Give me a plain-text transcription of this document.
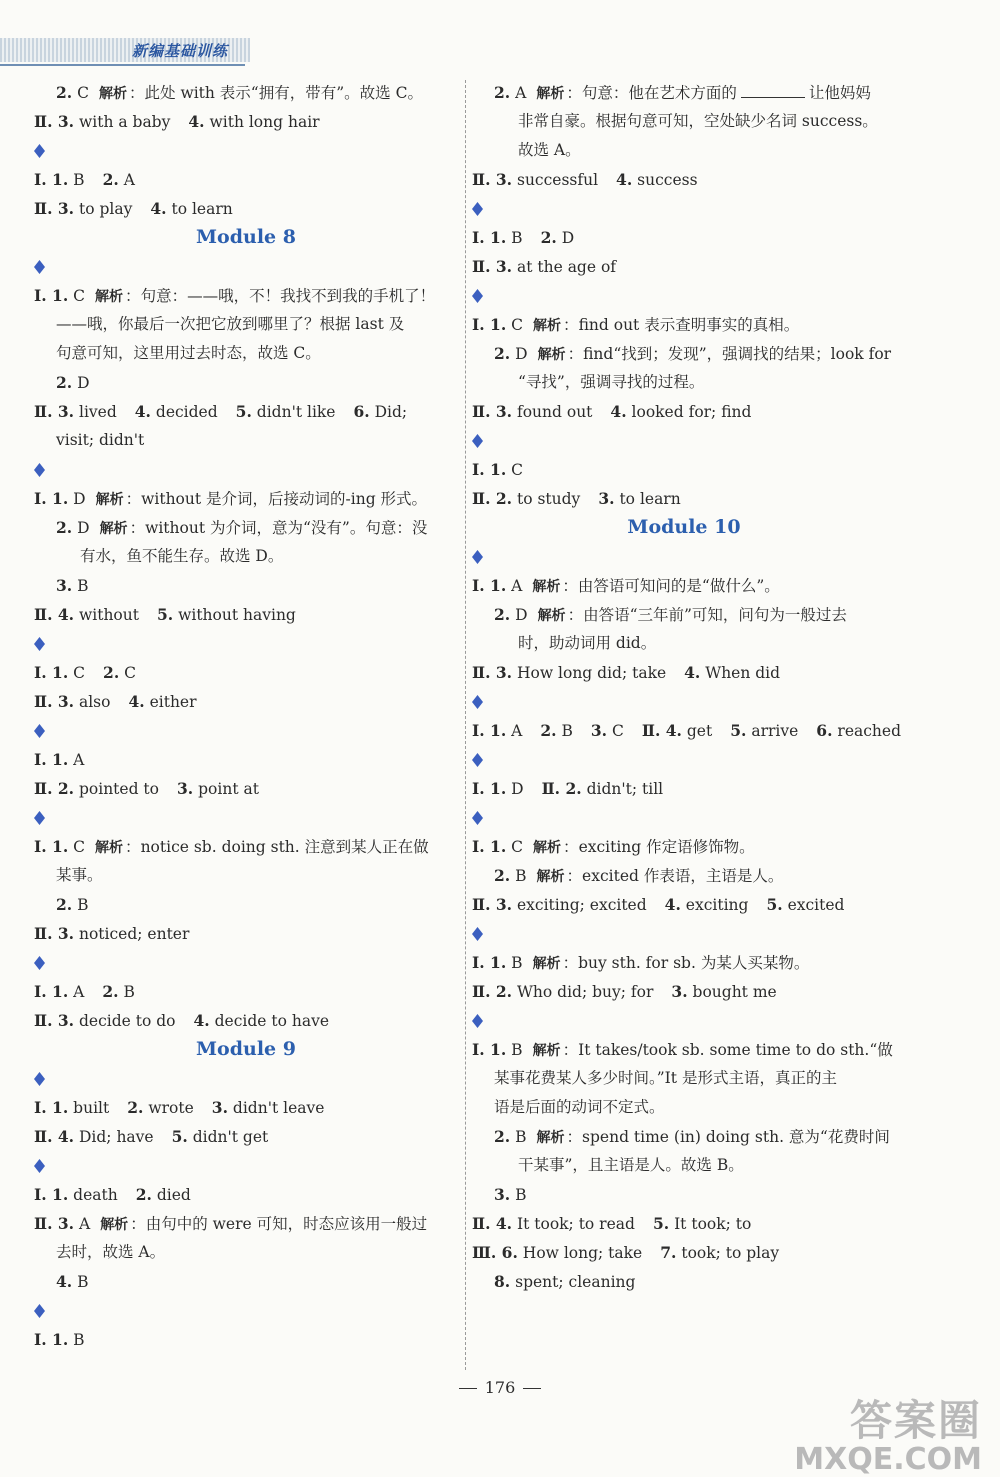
新编基础训练
2. C 解析 ：此处 with 表示“拥有，带有”。故选 C。
Ⅱ. 3. with a baby 4. with long hair
Ⅰ. 1. B 2. A
Ⅱ. 3. to play 4. to learn
Module 8
Ⅰ. 1. C 解析 ：句意：——哦，不！我找不到我的手机了！
——哦，你最后一次把它放到哪里了？根据 last 及
句意可知，这里用过去时态，故选 C。
2. D
Ⅱ. 3. lived 4. decided 5. didn't like 6. Did;
visit; didn't
Ⅰ. 1. D 解析 ：without 是介词，后接动词的-ing 形式。
2. D 解析 ：without 为介词，意为“没有”。句意：没
有水，鱼不能生存。故选 D。
3. B
Ⅱ. 4. without 5. without having
Ⅰ. 1. C 2. C
Ⅱ. 3. also 4. either
Ⅰ. 1. A
Ⅱ. 2. pointed to 3. point at
Ⅰ. 1. C 解析 ：notice sb. doing sth. 注意到某人正在做
某事。
2. B
Ⅱ. 3. noticed; enter
Ⅰ. 1. A 2. B
Ⅱ. 3. decide to do 4. decide to have
Module 9
Ⅰ. 1. built 2. wrote 3. didn't leave
Ⅱ. 4. Did; have 5. didn't get
Ⅰ. 1. death 2. died
Ⅱ. 3. A 解析 ：由句中的 were 可知，时态应该用一般过
去时，故选 A。
4. B
Ⅰ. 1. B
2. A 解析 ：句意：他在艺术方面的	让他妈妈
非常自豪。根据句意可知，空处缺少名词 success。
故选 A。
Ⅱ. 3. successful 4. success
Ⅰ. 1. B 2. D
Ⅱ. 3. at the age of
Ⅰ. 1. C 解析 ：find out 表示查明事实的真相。
2. D 解析 ：find“找到；发现”，强调找的结果；look for
“寻找”，强调寻找的过程。
Ⅱ. 3. found out 4. looked for; find
Ⅰ. 1. C
Ⅱ. 2. to study 3. to learn
Module 10
Ⅰ. 1. A 解析 ：由答语可知问的是“做什么”。
2. D 解析 ：由答语“三年前”可知，问句为一般过去
时，助动词用 did。
Ⅱ. 3. How long did; take 4. When did
Ⅰ. 1. A 2. B 3. C Ⅱ. 4. get 5. arrive 6. reached
Ⅰ. 1. D Ⅱ. 2. didn't; till
Ⅰ. 1. C 解析 ：exciting 作定语修饰物。
2. B 解析 ：excited 作表语，主语是人。
Ⅱ. 3. exciting; excited 4. exciting 5. excited
Ⅰ. 1. B 解析 ：buy sth. for sb. 为某人买某物。
Ⅱ. 2. Who did; buy; for 3. bought me
Ⅰ. 1. B 解析 ：It takes/took sb. some time to do sth.“做
某事花费某人多少时间。”It 是形式主语，真正的主
语是后面的动词不定式。
2. B 解析 ：spend time (in) doing sth. 意为“花费时间
干某事”，且主语是人。故选 B。
3. B
Ⅱ. 4. It took; to read 5. It took; to
Ⅲ. 6. How long; take 7. took; to play
8. spent; cleaning
176
答案圈
MXQE.COM
